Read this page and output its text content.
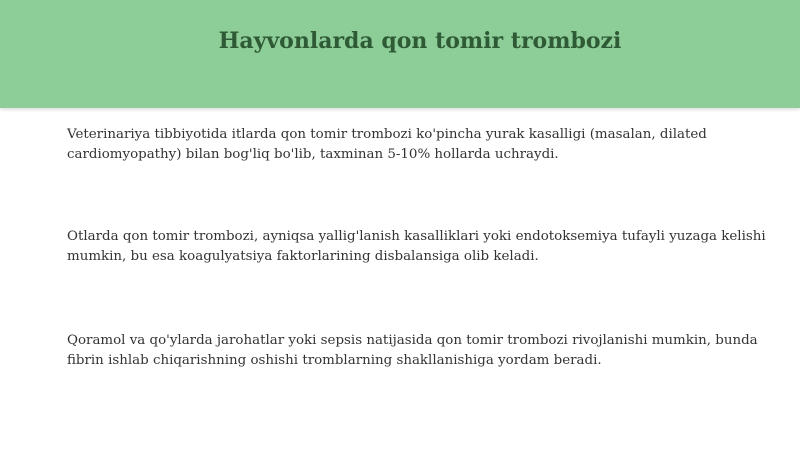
Hayvonlarda qon tomir trombozi
Veterinariya tibbiyotida itlarda qon tomir trombozi ko'pincha yurak kasalligi (masalan, dilated cardiomyopathy) bilan bog'liq bo'lib, taxminan 5-10% hollarda uchraydi.
Otlarda qon tomir trombozi, ayniqsa yallig'lanish kasalliklari yoki endotoksemiya tufayli yuzaga kelishi mumkin, bu esa koagulyatsiya faktorlarining disbalansiga olib keladi.
Qoramol va qo'ylarda jarohatlar yoki sepsis natijasida qon tomir trombozi rivojlanishi mumkin, bunda fibrin ishlab chiqarishning oshishi tromblarning shakllanishiga yordam beradi.
